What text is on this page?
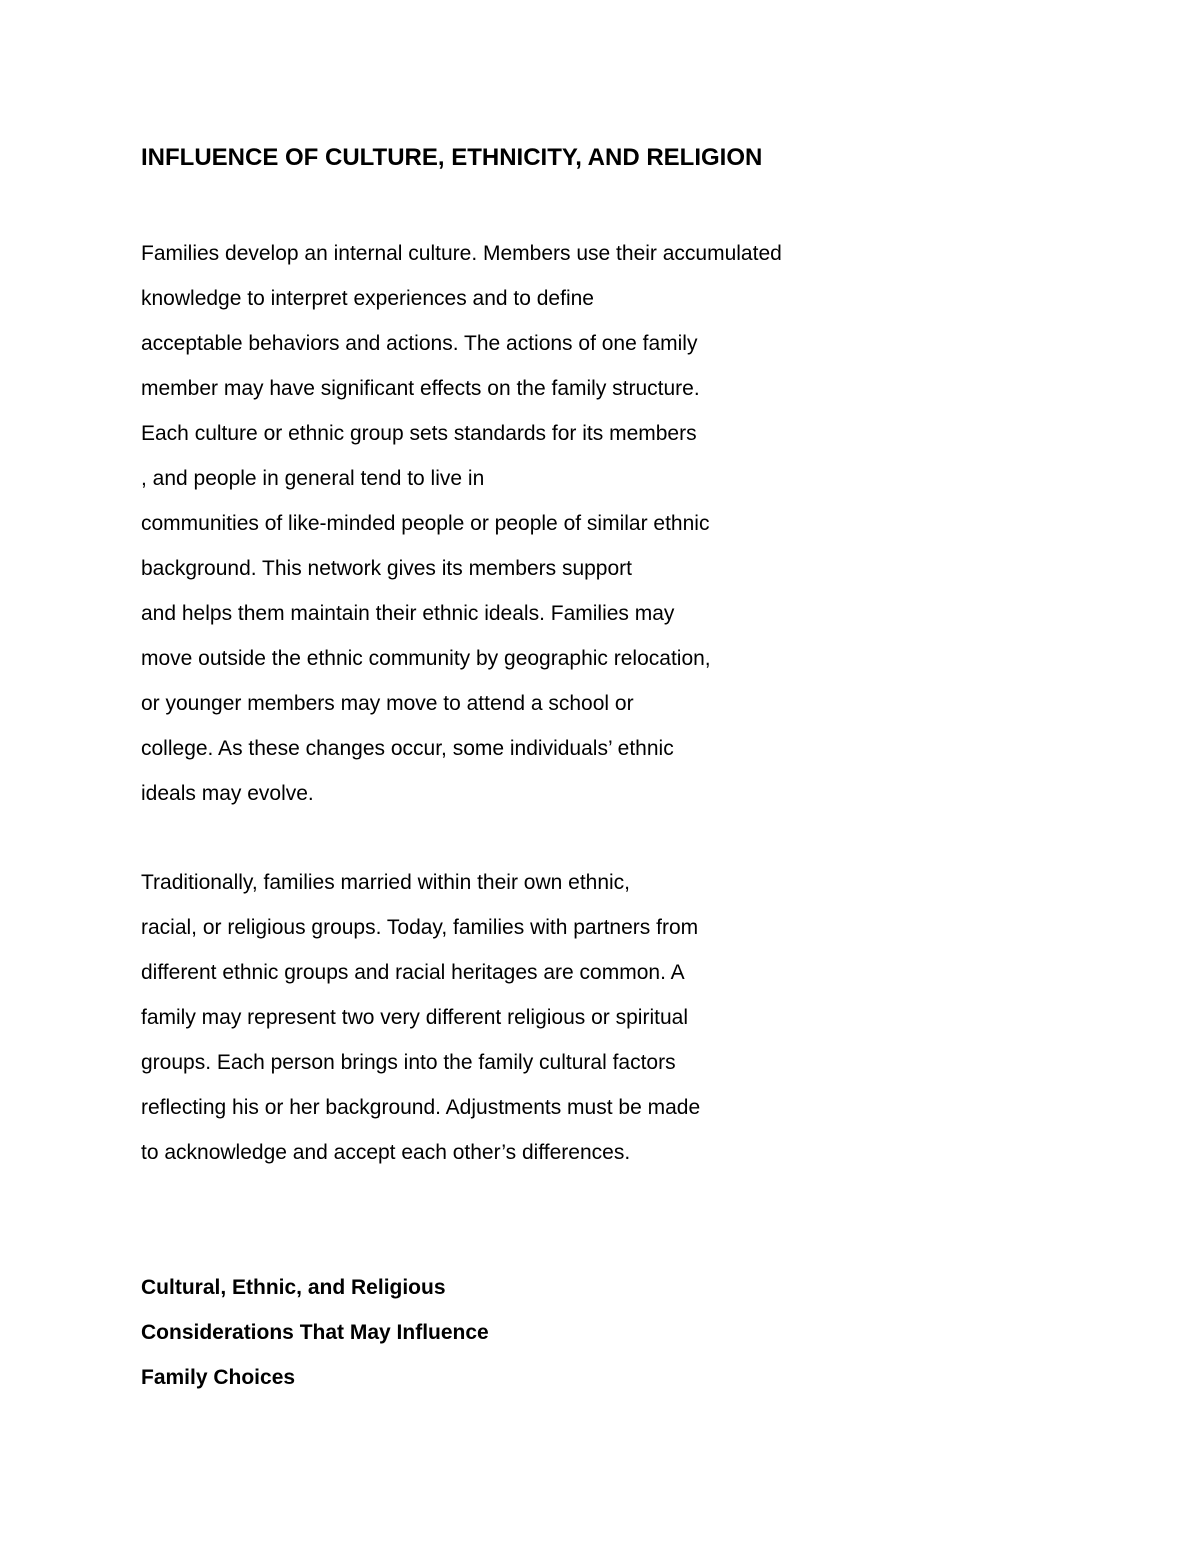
INFLUENCE OF CULTURE, ETHNICITY, AND RELIGION

Families develop an internal culture. Members use their accumulated
knowledge to interpret experiences and to define
acceptable behaviors and actions. The actions of one family
member may have significant effects on the family structure.
Each culture or ethnic group sets standards for its members
, and people in general tend to live in
communities of like-minded people or people of similar ethnic
background. This network gives its members support
and helps them maintain their ethnic ideals. Families may
move outside the ethnic community by geographic relocation,
or younger members may move to attend a school or
college. As these changes occur, some individuals’ ethnic
ideals may evolve.

Traditionally, families married within their own ethnic,
racial, or religious groups. Today, families with partners from
different ethnic groups and racial heritages are common. A
family may represent two very different religious or spiritual
groups. Each person brings into the family cultural factors
reflecting his or her background. Adjustments must be made
to acknowledge and accept each other’s differences.

Cultural, Ethnic, and Religious
Considerations That May Influence
Family Choices
